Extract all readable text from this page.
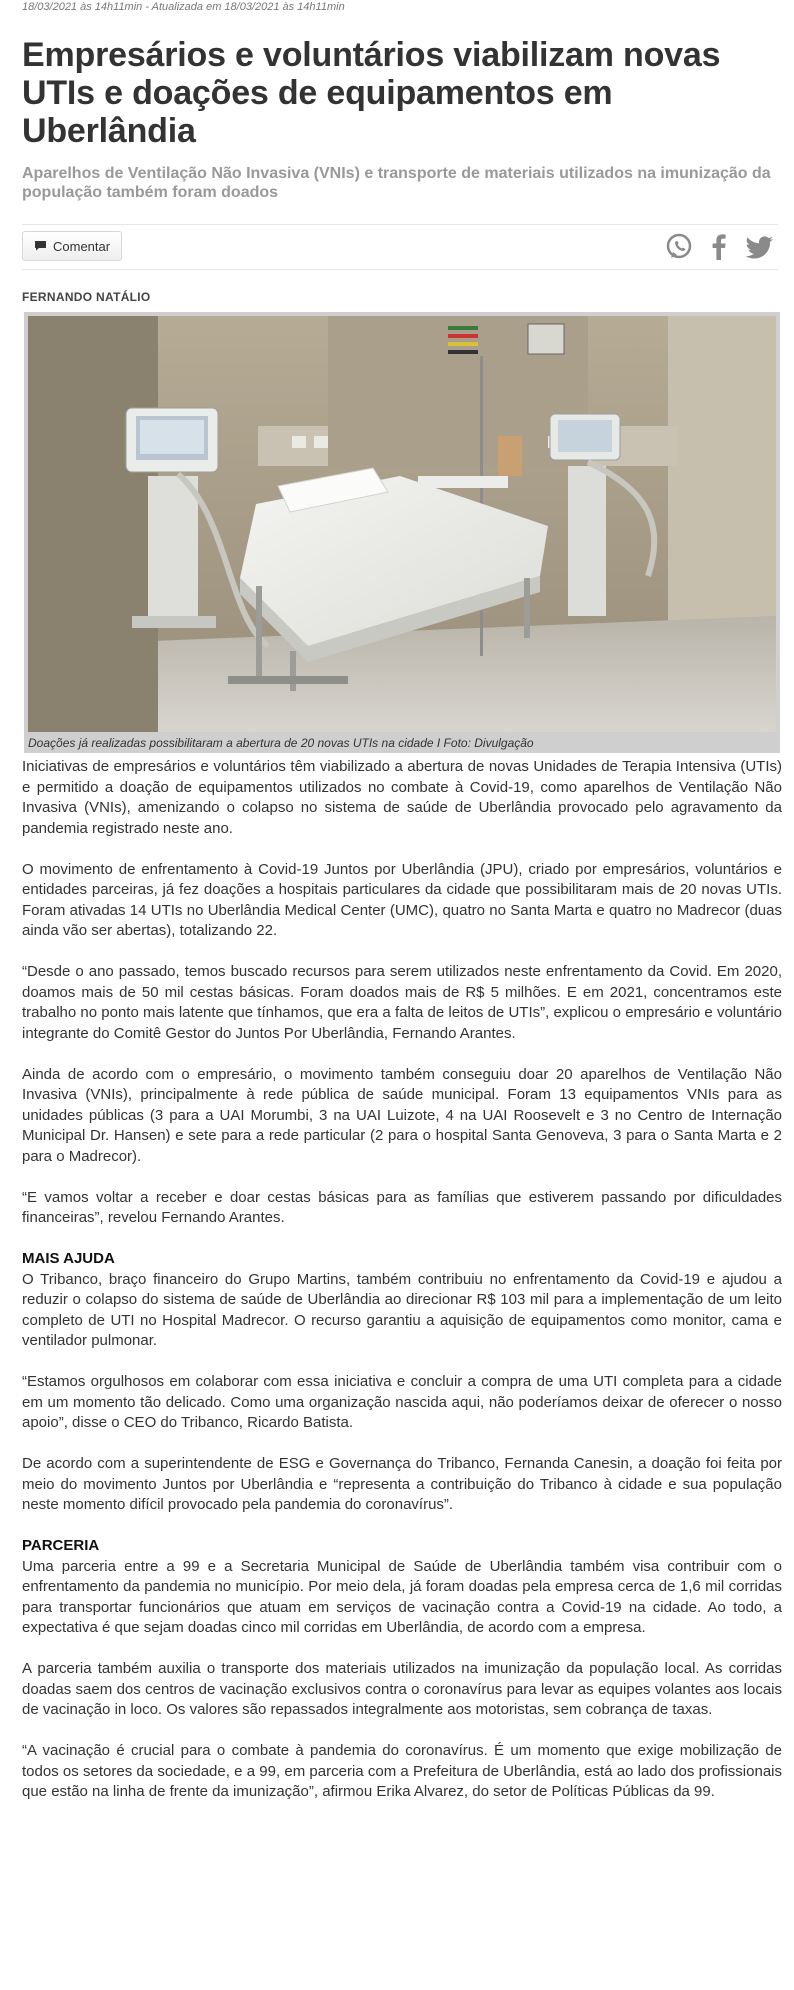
18/03/2021 às 14h11min - Atualizada em 18/03/2021 às 14h11min
Empresários e voluntários viabilizam novas UTIs e doações de equipamentos em Uberlândia
Aparelhos de Ventilação Não Invasiva (VNIs) e transporte de materiais utilizados na imunização da população também foram doados
Comentar
FERNANDO NATÁLIO
Doações já realizadas possibilitaram a abertura de 20 novas UTIs na cidade I Foto: Divulgação

Iniciativas de empresários e voluntários têm viabilizado a abertura de novas Unidades de Terapia Intensiva (UTIs) e permitido a doação de equipamentos utilizados no combate à Covid-19, como aparelhos de Ventilação Não Invasiva (VNIs), amenizando o colapso no sistema de saúde de Uberlândia provocado pelo agravamento da pandemia registrado neste ano.

O movimento de enfrentamento à Covid-19 Juntos por Uberlândia (JPU), criado por empresários, voluntários e entidades parceiras, já fez doações a hospitais particulares da cidade que possibilitaram mais de 20 novas UTIs. Foram ativadas 14 UTIs no Uberlândia Medical Center (UMC), quatro no Santa Marta e quatro no Madrecor (duas ainda vão ser abertas), totalizando 22.

“Desde o ano passado, temos buscado recursos para serem utilizados neste enfrentamento da Covid. Em 2020, doamos mais de 50 mil cestas básicas. Foram doados mais de R$ 5 milhões. E em 2021, concentramos este trabalho no ponto mais latente que tínhamos, que era a falta de leitos de UTIs”, explicou o empresário e voluntário integrante do Comitê Gestor do Juntos Por Uberlândia, Fernando Arantes.

Ainda de acordo com o empresário, o movimento também conseguiu doar 20 aparelhos de Ventilação Não Invasiva (VNIs), principalmente à rede pública de saúde municipal. Foram 13 equipamentos VNIs para as unidades públicas (3 para a UAI Morumbi, 3 na UAI Luizote, 4 na UAI Roosevelt e 3 no Centro de Internação Municipal Dr. Hansen) e sete para a rede particular (2 para o hospital Santa Genoveva, 3 para o Santa Marta e 2 para o Madrecor).

“E vamos voltar a receber e doar cestas básicas para as famílias que estiverem passando por dificuldades financeiras”, revelou Fernando Arantes.

MAIS AJUDA

O Tribanco, braço financeiro do Grupo Martins, também contribuiu no enfrentamento da Covid-19 e ajudou a reduzir o colapso do sistema de saúde de Uberlândia ao direcionar R$ 103 mil para a implementação de um leito completo de UTI no Hospital Madrecor. O recurso garantiu a aquisição de equipamentos como monitor, cama e ventilador pulmonar.

“Estamos orgulhosos em colaborar com essa iniciativa e concluir a compra de uma UTI completa para a cidade em um momento tão delicado. Como uma organização nascida aqui, não poderíamos deixar de oferecer o nosso apoio”, disse o CEO do Tribanco, Ricardo Batista.

De acordo com a superintendente de ESG e Governança do Tribanco, Fernanda Canesin, a doação foi feita por meio do movimento Juntos por Uberlândia e “representa a contribuição do Tribanco à cidade e sua população neste momento difícil provocado pela pandemia do coronavírus”.

PARCERIA

Uma parceria entre a 99 e a Secretaria Municipal de Saúde de Uberlândia também visa contribuir com o enfrentamento da pandemia no município. Por meio dela, já foram doadas pela empresa cerca de 1,6 mil corridas para transportar funcionários que atuam em serviços de vacinação contra a Covid-19 na cidade. Ao todo, a expectativa é que sejam doadas cinco mil corridas em Uberlândia, de acordo com a empresa.

A parceria também auxilia o transporte dos materiais utilizados na imunização da população local. As corridas doadas saem dos centros de vacinação exclusivos contra o coronavírus para levar as equipes volantes aos locais de vacinação in loco. Os valores são repassados integralmente aos motoristas, sem cobrança de taxas.

“A vacinação é crucial para o combate à pandemia do coronavírus. É um momento que exige mobilização de todos os setores da sociedade, e a 99, em parceria com a Prefeitura de Uberlândia, está ao lado dos profissionais que estão na linha de frente da imunização”, afirmou Erika Alvarez, do setor de Políticas Públicas da 99.
